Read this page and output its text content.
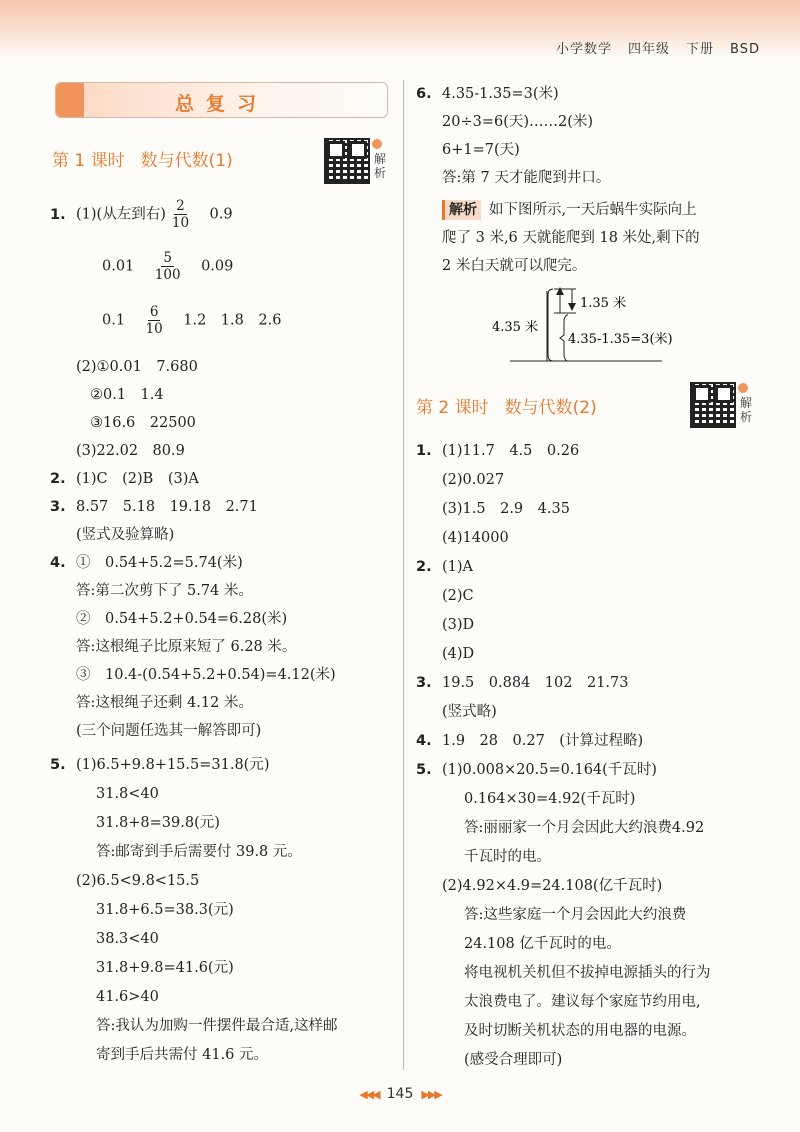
小学数学 四年级 下册 BSD
总复习
第 1 课时 数与代数(1)	解析
1. (1)(从左到右) $\frac{2}{10}$
　 0.9
0.01　 $\frac{5}{100}$
　 0.09
0.1　 $\frac{6}{10}$
　 1.2　1.8　2.6
(2)①0.01　7.680
②0.1　1.4
③16.6　22500
(3)22.02　80.9
2. (1)C　(2)B　(3)A
3. 8.57　5.18　19.18　2.71
(竖式及验算略)
4. ①　0.54+5.2=5.74(米)
答:第二次剪下了 5.74 米。
②　0.54+5.2+0.54=6.28(米)
答:这根绳子比原来短了 6.28 米。
③　10.4-(0.54+5.2+0.54)=4.12(米)
答:这根绳子还剩 4.12 米。
(三个问题任选其一解答即可)
5. (1)6.5+9.8+15.5=31.8(元)
31.8<40
31.8+8=39.8(元)
答:邮寄到手后需要付 39.8 元。
(2)6.5<9.8<15.5
31.8+6.5=38.3(元)
38.3<40
31.8+9.8=41.6(元)
41.6>40
答:我认为加购一件摆件最合适,这样邮
寄到手后共需付 41.6 元。
6. 4.35-1.35=3(米)
20÷3=6(天)……2(米)
6+1=7(天)
答:第 7 天才能爬到井口。
解析 如下图所示,一天后蜗牛实际向上
爬了 3 米,6 天就能爬到 18 米处,剩下的
2 米白天就可以爬完。
1.35 米
4.35 米
4.35-1.35=3(米)
第 2 课时 数与代数(2)	解析
1. (1)11.7　4.5　0.26
(2)0.027
(3)1.5　2.9　4.35
(4)14000
2. (1)A
(2)C
(3)D
(4)D
3. 19.5　0.884　102　21.73
(竖式略)
4. 1.9　28　0.27　(计算过程略)
5. (1)0.008×20.5=0.164(千瓦时)
0.164×30=4.92(千瓦时)
答:丽丽家一个月会因此大约浪费4.92
千瓦时的电。
(2)4.92×4.9=24.108(亿千瓦时)
答:这些家庭一个月会因此大约浪费
24.108 亿千瓦时的电。
将电视机关机但不拔掉电源插头的行为
太浪费电了。建议每个家庭节约用电,
及时切断关机状态的用电器的电源。
(感受合理即可)
◀◀◀ 145 ▶▶▶
